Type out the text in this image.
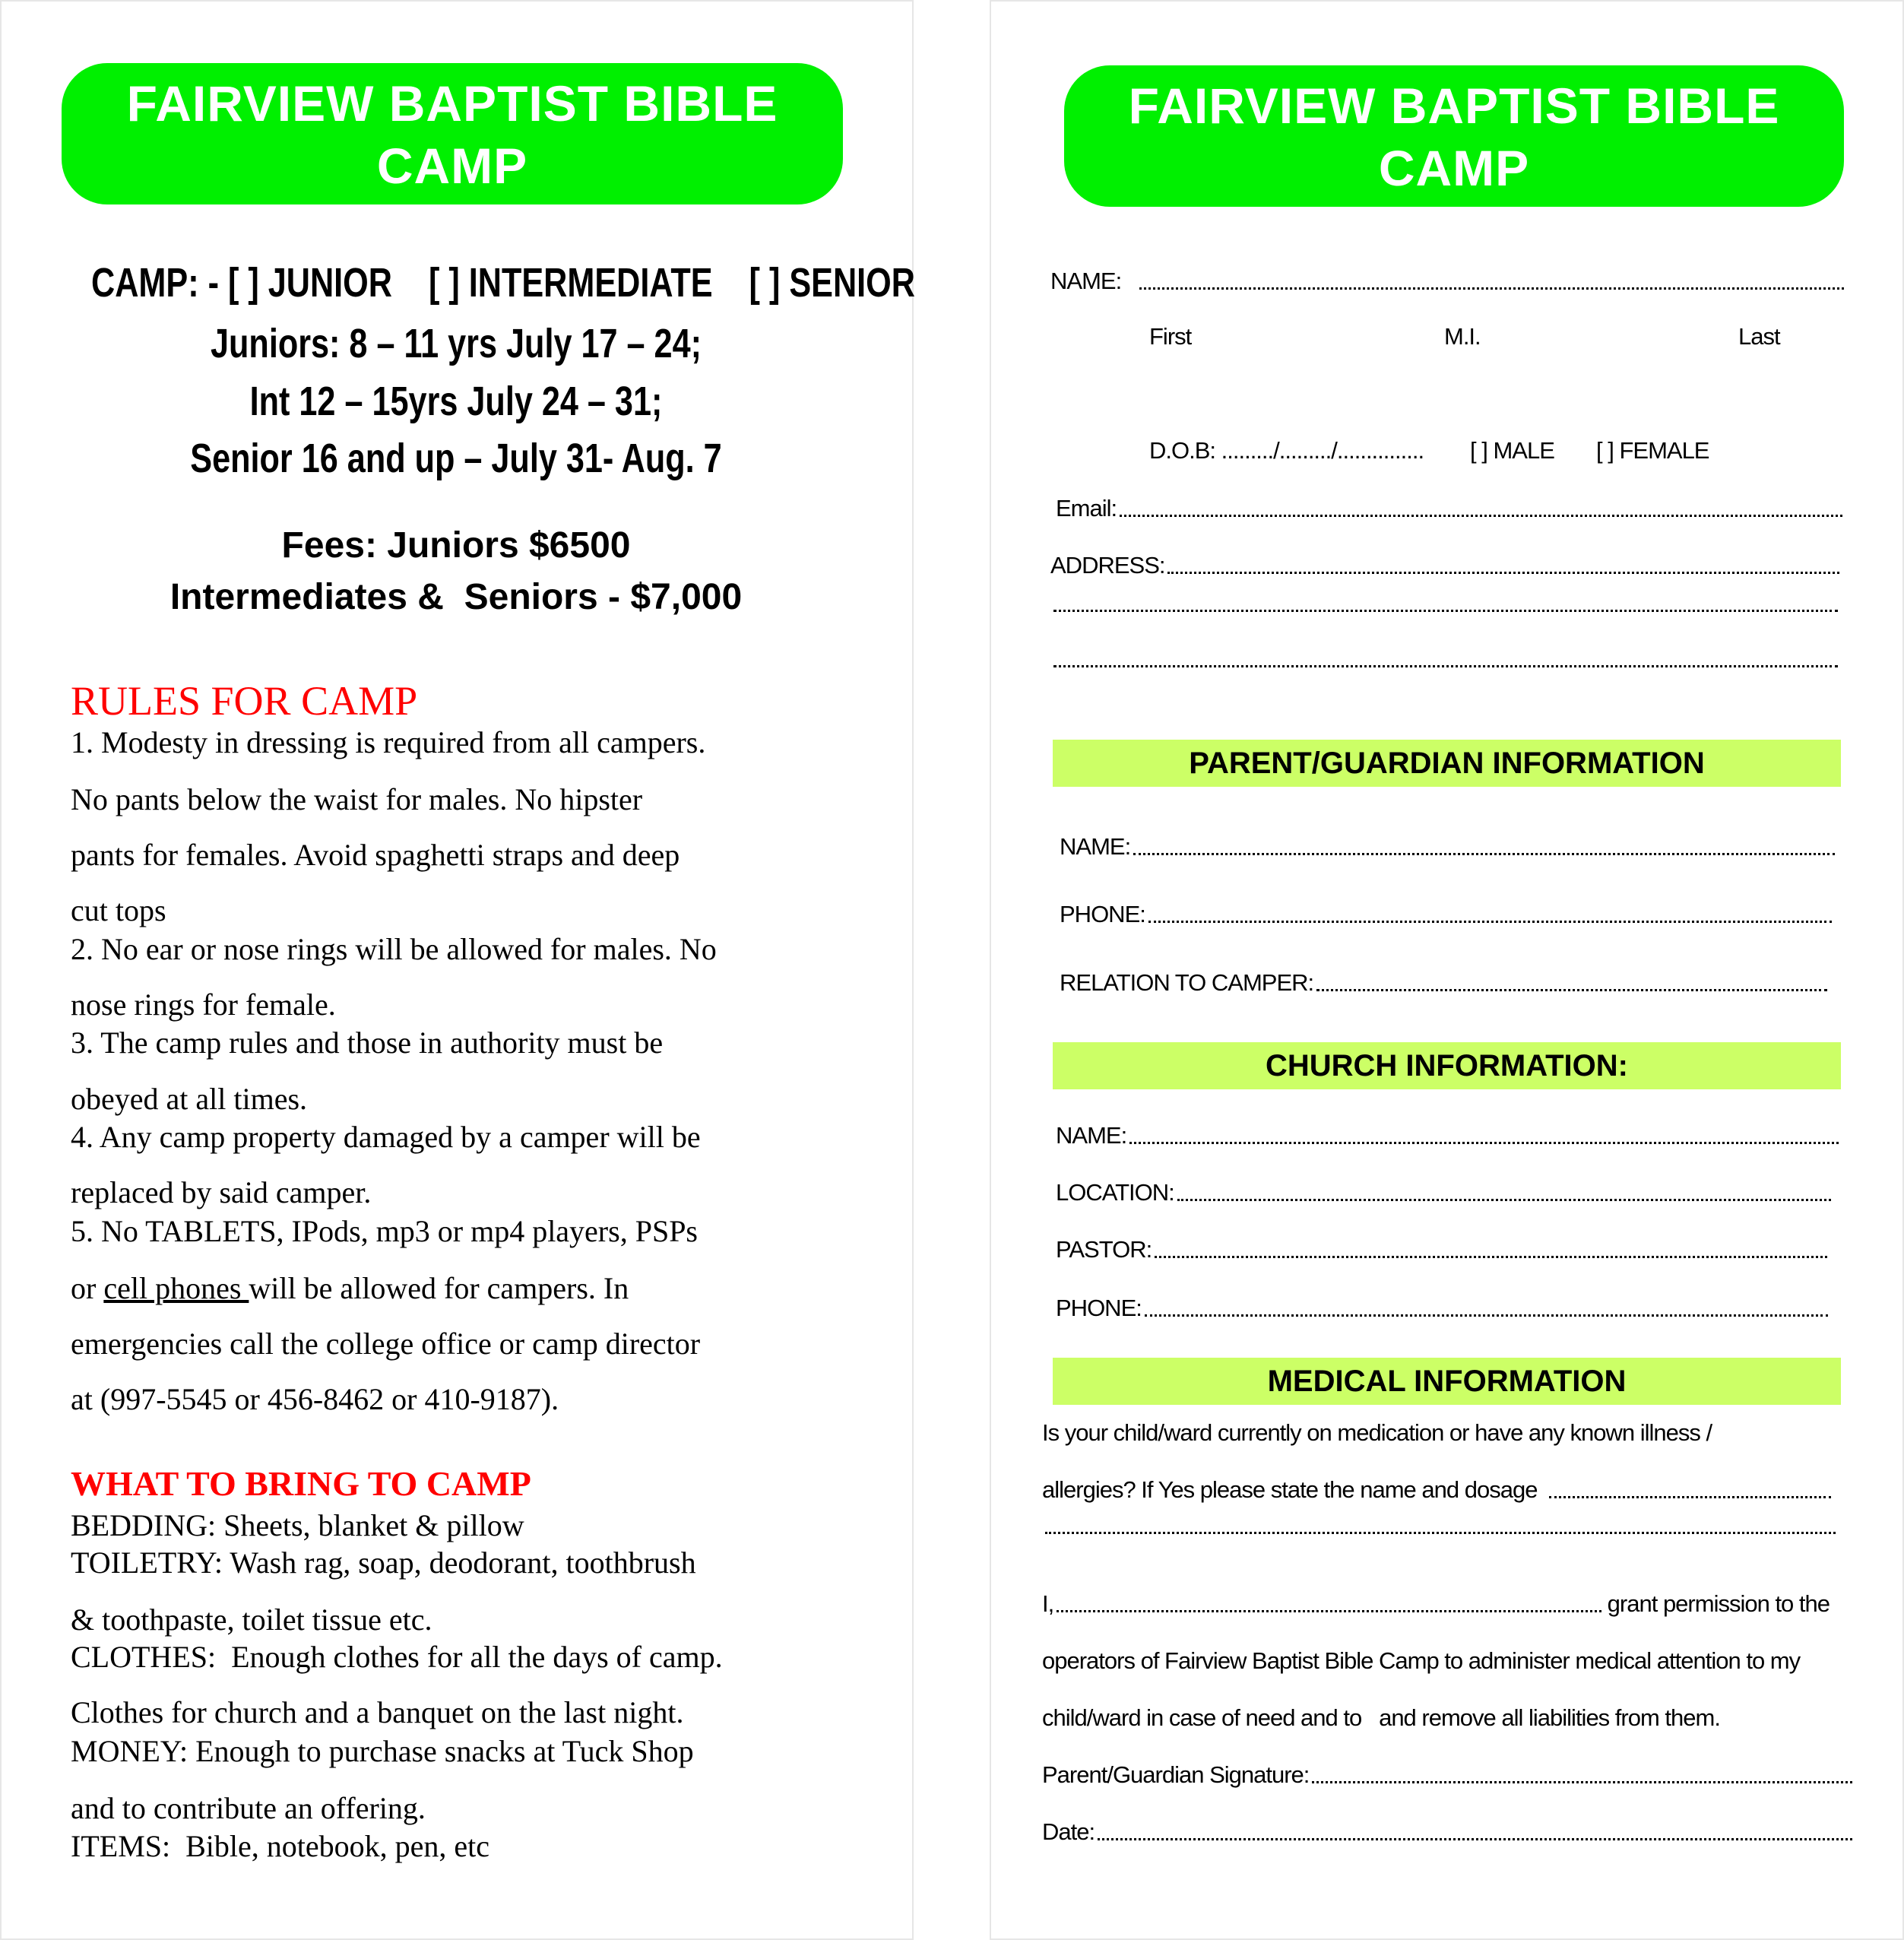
FAIRVIEW BAPTIST BIBLE CAMP
2017 REGISTRATION FORM
CAMP: - [ ] JUNIOR    [ ] INTERMEDIATE    [ ] SENIOR
Juniors: 8 – 11 yrs July 17 – 24;
Int 12 – 15yrs July 24 – 31;
Senior 16 and up – July 31- Aug. 7
Fees: Juniors $6500
Intermediates &  Seniors - $7,000
RULES FOR CAMP
1. Modesty in dressing is required from all campers.
No pants below the waist for males. No hipster
pants for females. Avoid spaghetti straps and deep
cut tops
2. No ear or nose rings will be allowed for males. No
nose rings for female.
3. The camp rules and those in authority must be
obeyed at all times.
4. Any camp property damaged by a camper will be
replaced by said camper.
5. No TABLETS, IPods, mp3 or mp4 players, PSPs
or cell phones will be allowed for campers. In
emergencies call the college office or camp director
at (997-5545 or 456-8462 or 410-9187).
WHAT TO BRING TO CAMP
BEDDING: Sheets, blanket & pillow
TOILETRY: Wash rag, soap, deodorant, toothbrush
& toothpaste, toilet tissue etc.
CLOTHES:  Enough clothes for all the days of camp.
Clothes for church and a banquet on the last night.
MONEY: Enough to purchase snacks at Tuck Shop
and to contribute an offering.
ITEMS:  Bible, notebook, pen, etc
FAIRVIEW BAPTIST BIBLE CAMP
2017 REGISTRATION FORM
NAME:
First	M.I.	Last
D.O.B: ........./........./............... [ ] MALE [ ] FEMALE
Email:
ADDRESS:
PARENT/GUARDIAN INFORMATION
NAME:
PHONE:
RELATION TO CAMPER:
CHURCH INFORMATION:
NAME:
LOCATION:
PASTOR:
PHONE:
MEDICAL INFORMATION
Is your child/ward currently on medication or have any known illness /
allergies? If Yes please state the name and dosage
I,	grant permission to the
operators of Fairview Baptist Bible Camp to administer medical attention to my
child/ward in case of need and to   and remove all liabilities from them.
Parent/Guardian Signature:
Date:
